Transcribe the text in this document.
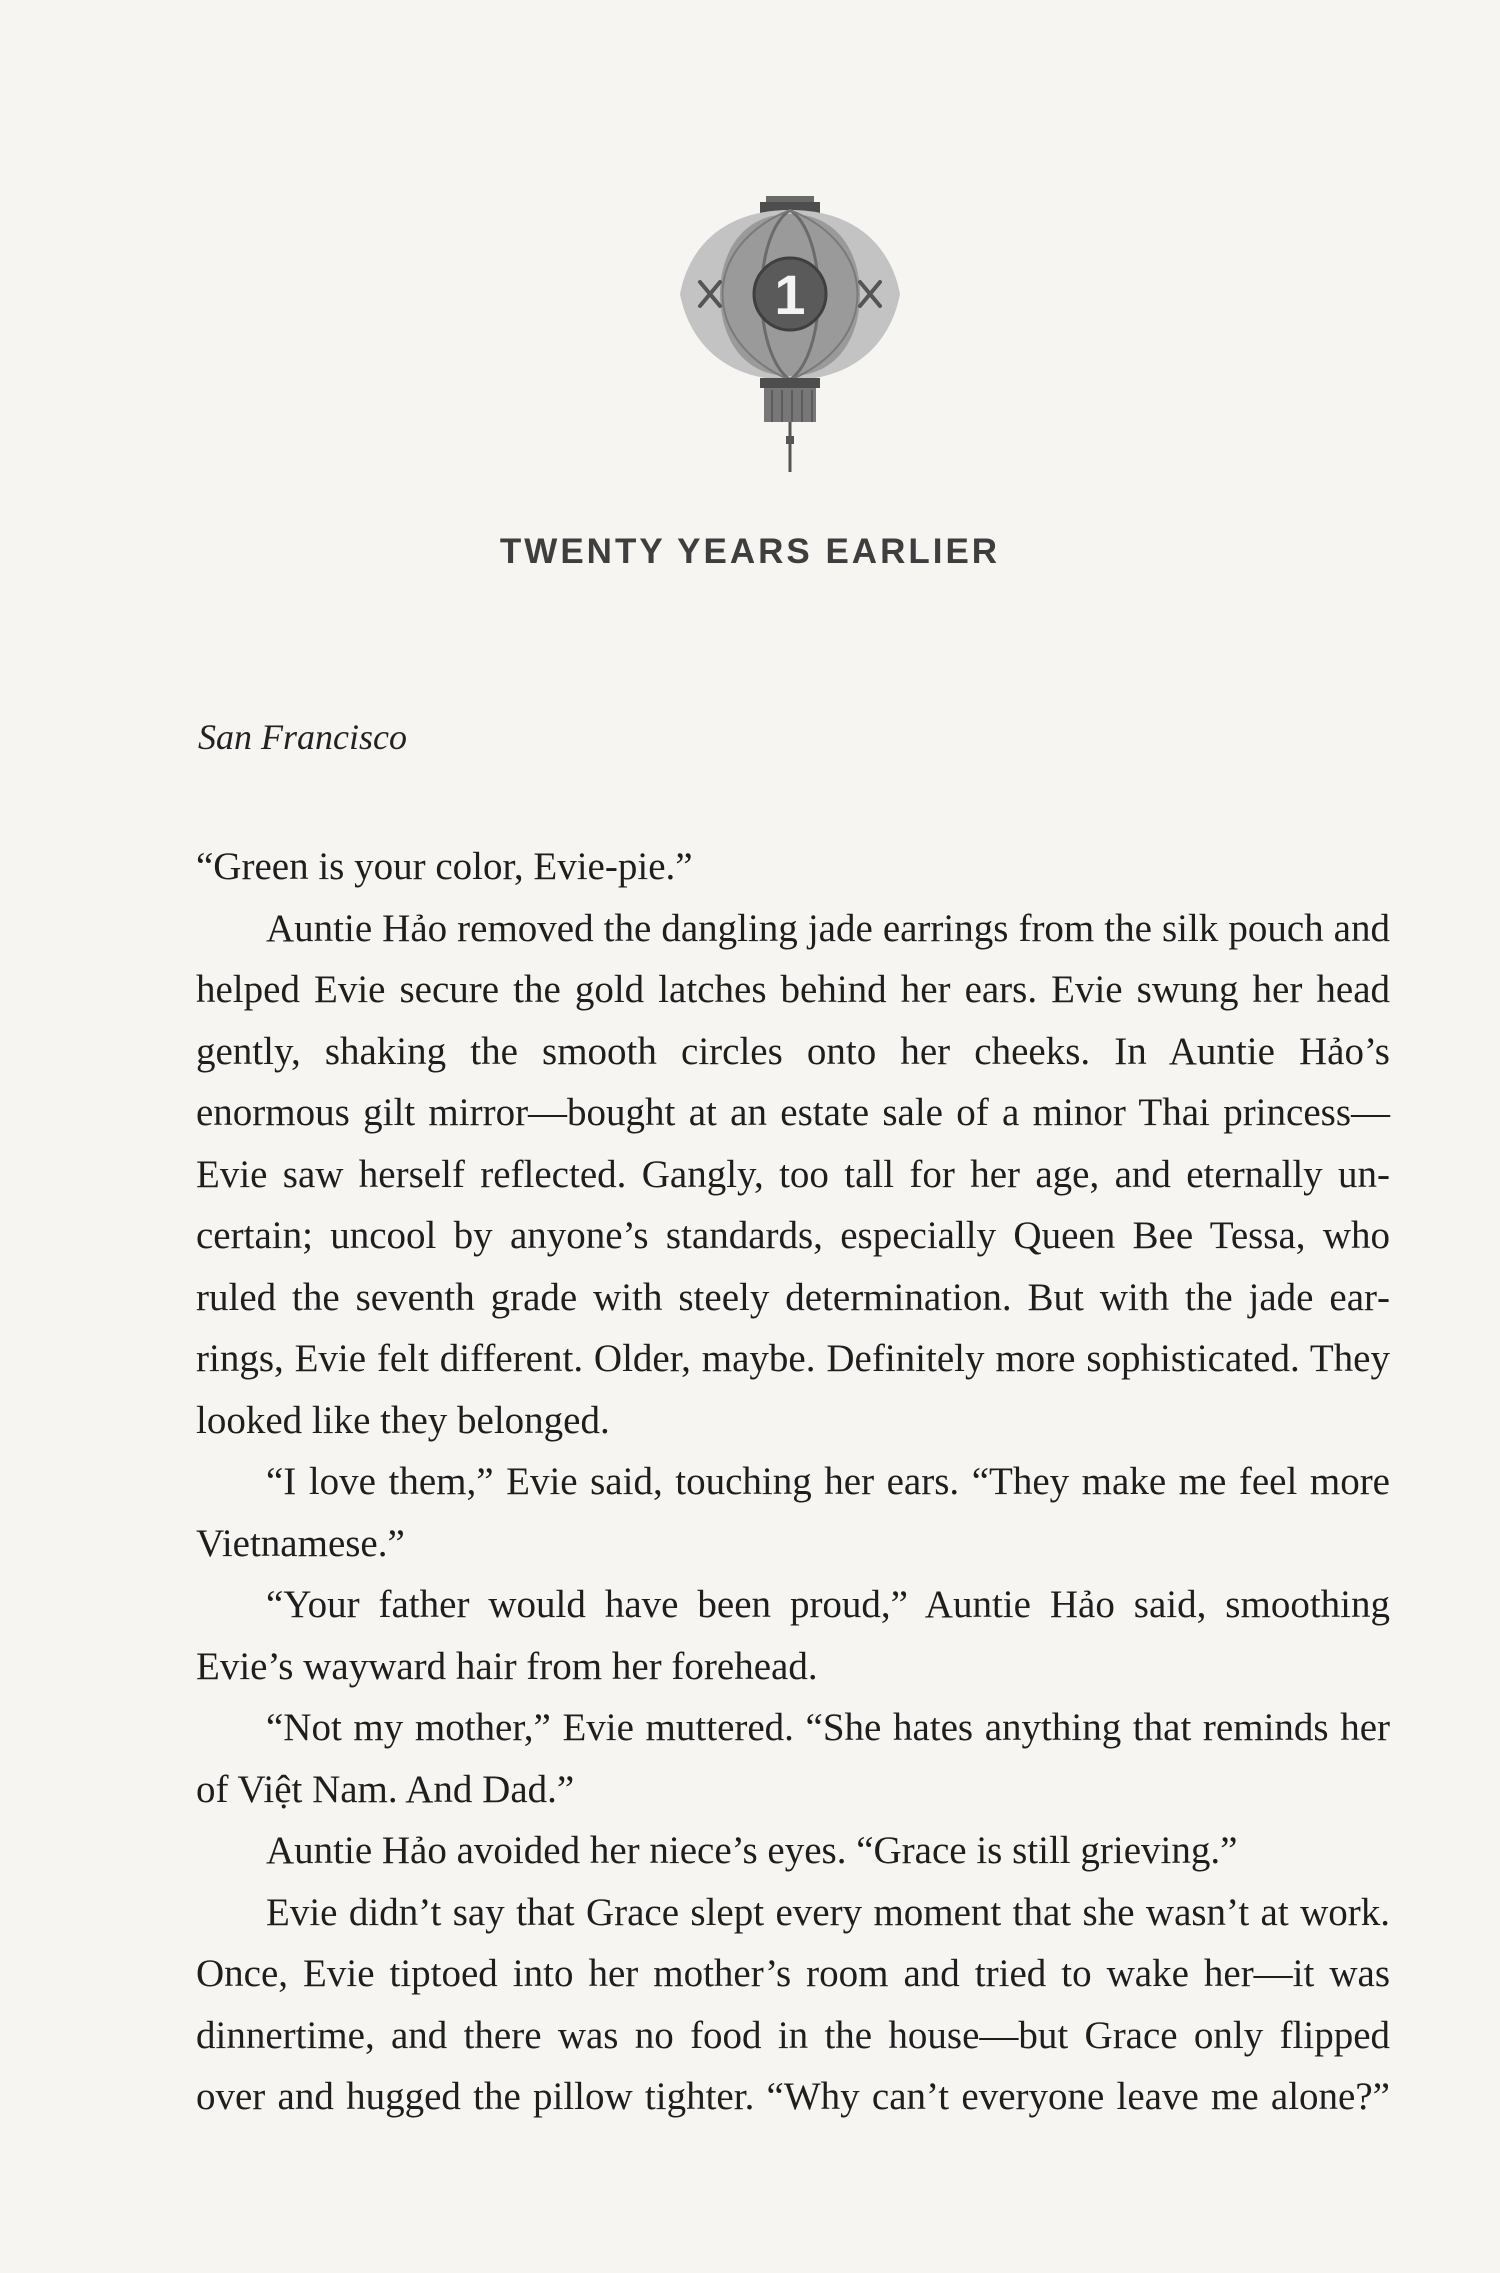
1
TWENTY YEARS EARLIER
San Francisco

“Green is your color, Evie-pie.”

Auntie Hảo removed the dangling jade earrings from the silk pouch and helped Evie secure the gold latches behind her ears. Evie swung her head gently, shaking the smooth circles onto her cheeks. In Auntie Hảo’s enormous gilt mirror—bought at an estate sale of a minor Thai princess—Evie saw herself reflected. Gangly, too tall for her age, and eternally uncertain; uncool by anyone’s standards, especially Queen Bee Tessa, who ruled the seventh grade with steely determination. But with the jade earrings, Evie felt different. Older, maybe. Definitely more sophisticated. They looked like they belonged.

“I love them,” Evie said, touching her ears. “They make me feel more Vietnamese.”

“Your father would have been proud,” Auntie Hảo said, smoothing Evie’s wayward hair from her forehead.

“Not my mother,” Evie muttered. “She hates anything that reminds her of Việt Nam. And Dad.”

Auntie Hảo avoided her niece’s eyes. “Grace is still grieving.”

Evie didn’t say that Grace slept every moment that she wasn’t at work. Once, Evie tiptoed into her mother’s room and tried to wake her—it was dinnertime, and there was no food in the house—but Grace only flipped over and hugged the pillow tighter. “Why can’t everyone leave me alone?”
